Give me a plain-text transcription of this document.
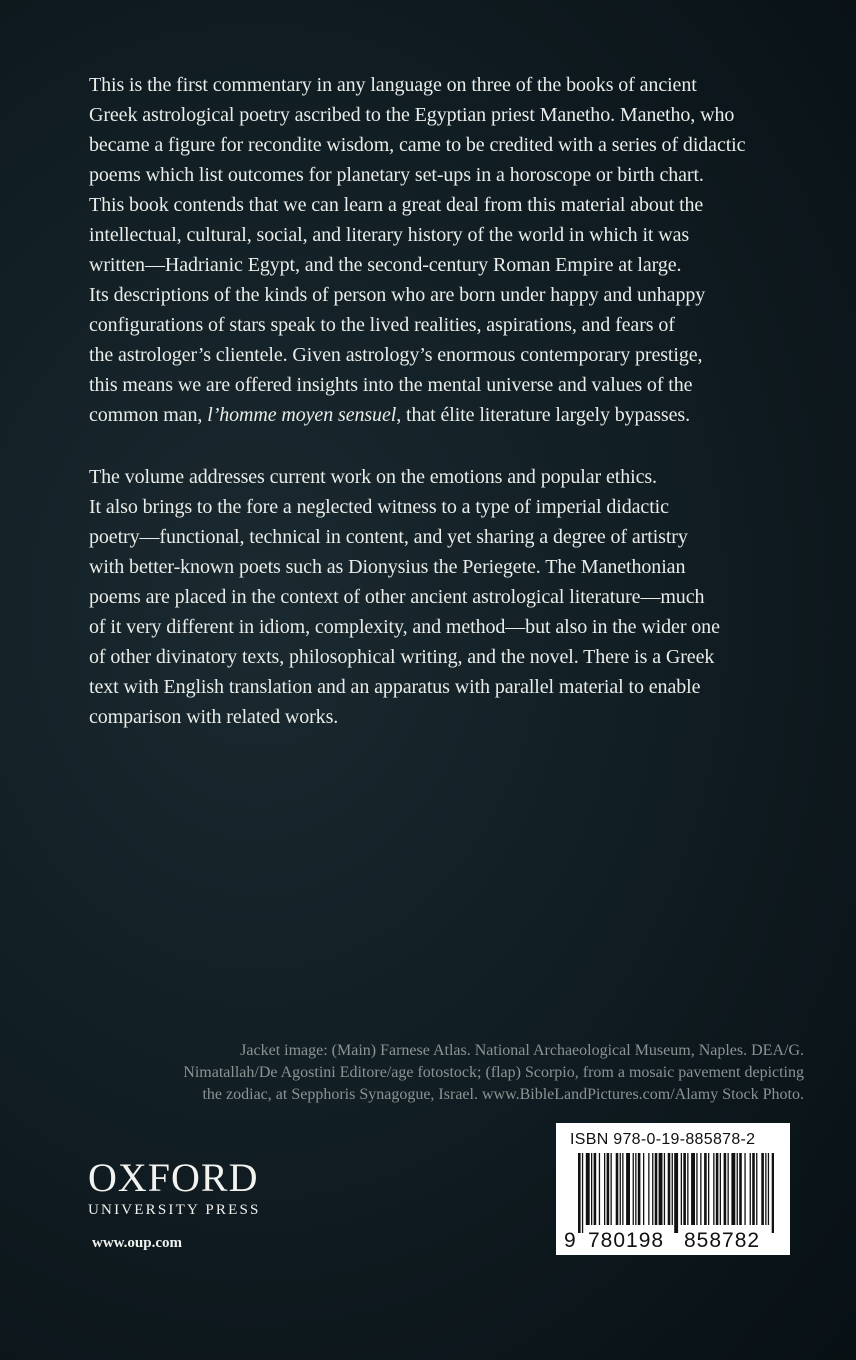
This is the first commentary in any language on three of the books of ancient
Greek astrological poetry ascribed to the Egyptian priest Manetho. Manetho, who
became a figure for recondite wisdom, came to be credited with a series of didactic
poems which list outcomes for planetary set-ups in a horoscope or birth chart.
This book contends that we can learn a great deal from this material about the
intellectual, cultural, social, and literary history of the world in which it was
written—Hadrianic Egypt, and the second-century Roman Empire at large.
Its descriptions of the kinds of person who are born under happy and unhappy
configurations of stars speak to the lived realities, aspirations, and fears of
the astrologer’s clientele. Given astrology’s enormous contemporary prestige,
this means we are offered insights into the mental universe and values of the
common man, l’homme moyen sensuel, that élite literature largely bypasses.

The volume addresses current work on the emotions and popular ethics.
It also brings to the fore a neglected witness to a type of imperial didactic
poetry—functional, technical in content, and yet sharing a degree of artistry
with better-known poets such as Dionysius the Periegete. The Manethonian
poems are placed in the context of other ancient astrological literature—much
of it very different in idiom, complexity, and method—but also in the wider one
of other divinatory texts, philosophical writing, and the novel. There is a Greek
text with English translation and an apparatus with parallel material to enable
comparison with related works.

Jacket image: (Main) Farnese Atlas. National Archaeological Museum, Naples. DEA/G.
Nimatallah/De Agostini Editore/age fotostock; (flap) Scorpio, from a mosaic pavement depicting
the zodiac, at Sepphoris Synagogue, Israel. www.BibleLandPictures.com/Alamy Stock Photo.
OXFORD
UNIVERSITY PRESS
www.oup.com
ISBN 978-0-19-885878-2
9 780198 858782
